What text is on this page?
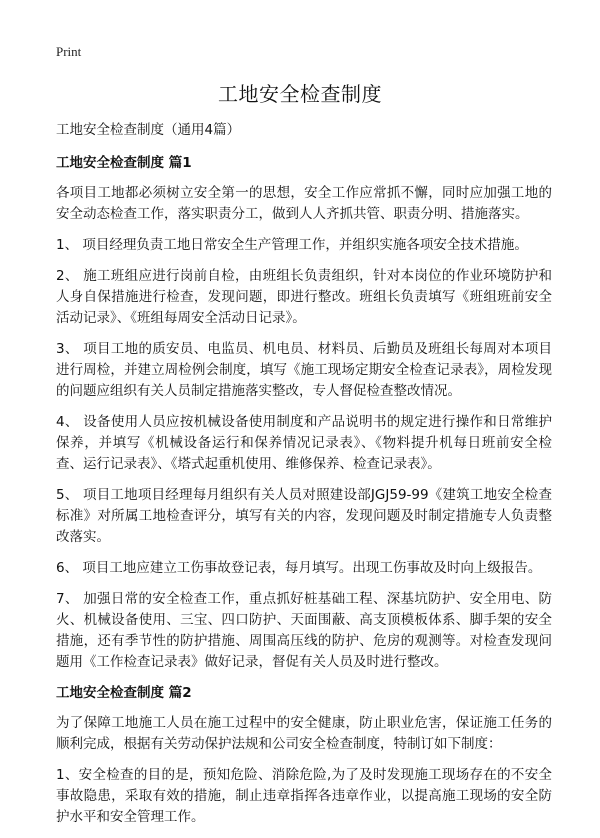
Print
工地安全检查制度

工地安全检查制度（通用4篇）

工地安全检查制度 篇1

各项目工地都必须树立安全第一的思想，安全工作应常抓不懈，同时应加强工地的安全动态检查工作，落实职责分工，做到人人齐抓共管、职责分明、措施落实。

1、 项目经理负责工地日常安全生产管理工作，并组织实施各项安全技术措施。

2、 施工班组应进行岗前自检，由班组长负责组织，针对本岗位的作业环境防护和人身自保措施进行检查，发现问题，即进行整改。班组长负责填写《班组班前安全活动记录》、《班组每周安全活动日记录》。

3、 项目工地的质安员、电监员、机电员、材料员、后勤员及班组长每周对本项目进行周检，并建立周检例会制度，填写《施工现场定期安全检查记录表》，周检发现的问题应组织有关人员制定措施落实整改，专人督促检查整改情况。

4、 设备使用人员应按机械设备使用制度和产品说明书的规定进行操作和日常维护保养，并填写《机械设备运行和保养情况记录表》、《物料提升机每日班前安全检查、运行记录表》、《塔式起重机使用、维修保养、检查记录表》。

5、 项目工地项目经理每月组织有关人员对照建设部JGJ59-99《建筑工地安全检查标准》对所属工地检查评分，填写有关的内容，发现问题及时制定措施专人负责整改落实。

6、 项目工地应建立工伤事故登记表，每月填写。出现工伤事故及时向上级报告。

7、 加强日常的安全检查工作，重点抓好桩基础工程、深基坑防护、安全用电、防火、机械设备使用、三宝、四口防护、天面围蔽、高支顶模板体系、脚手架的安全措施，还有季节性的防护措施、周围高压线的防护、危房的观测等。对检查发现问题用《工作检查记录表》做好记录，督促有关人员及时进行整改。

工地安全检查制度 篇2

为了保障工地施工人员在施工过程中的安全健康，防止职业危害，保证施工任务的顺利完成，根据有关劳动保护法规和公司安全检查制度，特制订如下制度：

1、安全检查的目的是，预知危险、消除危险,为了及时发现施工现场存在的不安全事故隐患，采取有效的措施，制止违章指挥各违章作业，以提高施工现场的安全防护水平和安全管理工作。
